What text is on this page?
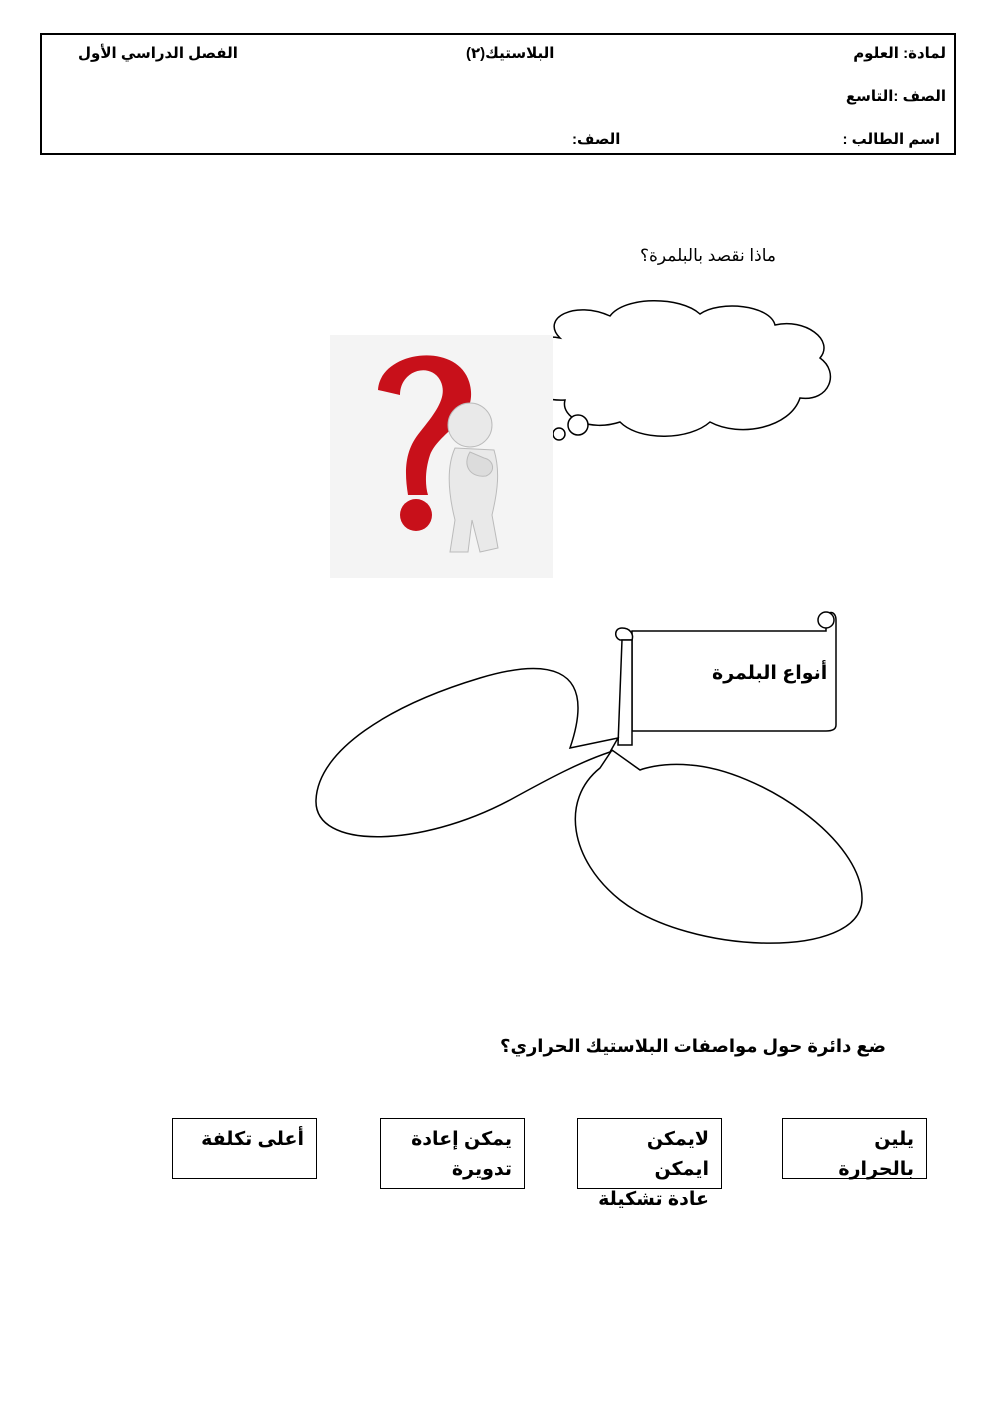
لمادة: العلوم
البلاستيك(٢)
الفصل الدراسي الأول
الصف :التاسع
اسم الطالب :
الصف:
ماذا نقصد بالبلمرة؟
أنواع البلمرة
ضع دائرة حول مواصفات البلاستيك الحراري؟
يلين بالحرارة
لايمكن ايمكن
عادة تشكيلة
يمكن إعادة
تدويرة
أعلى تكلفة
